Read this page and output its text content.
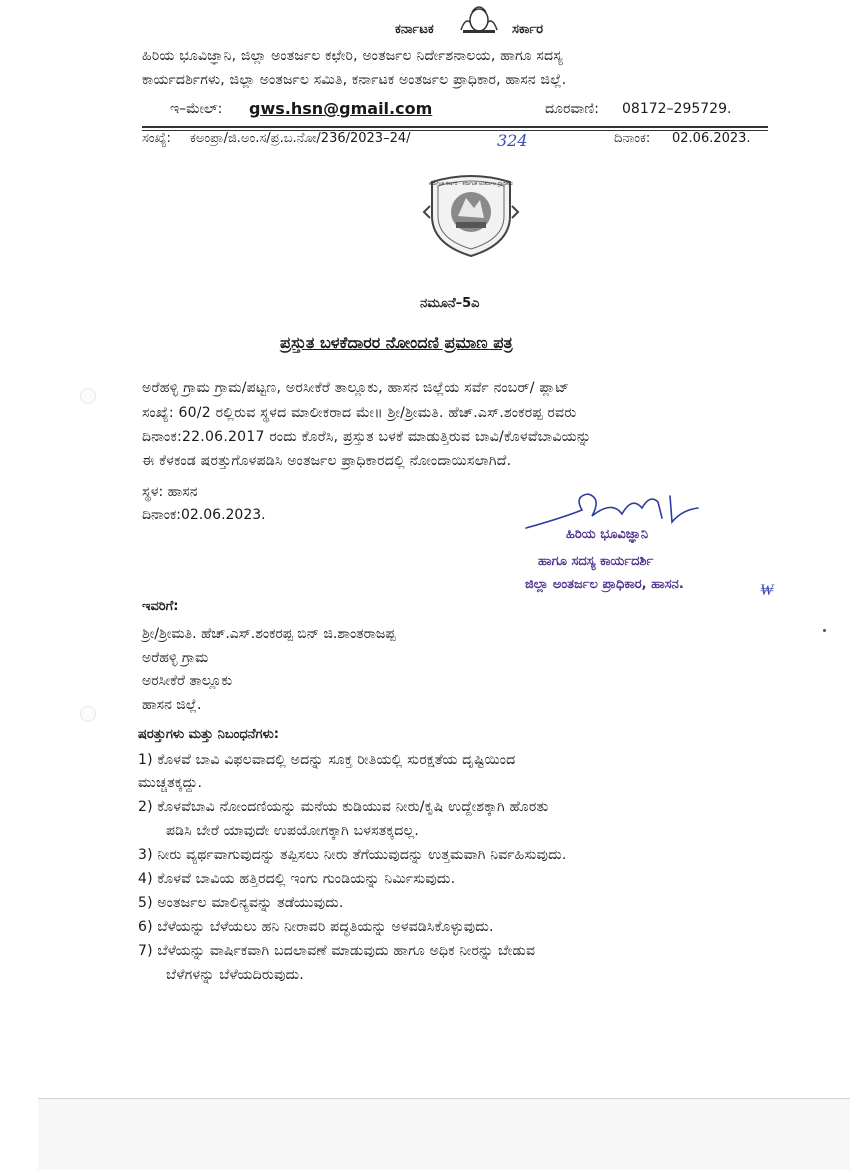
ಕರ್ನಾಟಕ	ಸರ್ಕಾರ
ಹಿರಿಯ ಭೂವಿಜ್ಞಾನಿ, ಜಿಲ್ಲಾ ಅಂತರ್ಜಲ ಕಛೇರಿ, ಅಂತರ್ಜಲ ನಿರ್ದೇಶನಾಲಯ, ಹಾಗೂ ಸದಸ್ಯ
ಕಾರ್ಯದರ್ಶಿಗಳು, ಜಿಲ್ಲಾ ಅಂತರ್ಜಲ ಸಮಿತಿ, ಕರ್ನಾಟಕ ಅಂತರ್ಜಲ ಪ್ರಾಧಿಕಾರ, ಹಾಸನ ಜಿಲ್ಲೆ.
ಇ–ಮೇಲ್: gws.hsn@gmail.com	ದೂರವಾಣಿ: 08172–295729.
ಸಂಖ್ಯೆ: ಕಅಂಪ್ರಾ/ಜಿ.ಅಂ.ಸ/ಪ್ರ.ಬ.ನೋ/236/2023–24/	324	ದಿನಾಂಕ: 02.06.2023.
ಕರ್ನಾಟಕ ಸರ್ಕಾರ · ಕರ್ನಾಟಕ ಅಂತರ್ಜಲ ಪ್ರಾಧಿಕಾರ
ನಮೂನೆ–5ಎ
ಪ್ರಸ್ತುತ ಬಳಕೆದಾರರ ನೋಂದಣಿ ಪ್ರಮಾಣ ಪತ್ರ
ಅರೆಹಳ್ಳಿ ಗ್ರಾಮ ಗ್ರಾಮ/ಪಟ್ಟಣ, ಅರಸೀಕೆರೆ ತಾಲ್ಲೂಕು, ಹಾಸನ ಜಿಲ್ಲೆಯ ಸರ್ವೆ ನಂಬರ್/ ಪ್ಲಾಟ್
ಸಂಖ್ಯೆ: 60/2 ರಲ್ಲಿರುವ ಸ್ಥಳದ ಮಾಲೀಕರಾದ ಮೇ॥ ಶ್ರೀ/ಶ್ರೀಮತಿ. ಹೆಚ್.ಎಸ್.ಶಂಕರಪ್ಪ ರವರು
ದಿನಾಂಕ:22.06.2017 ರಂದು ಕೊರೆಸಿ, ಪ್ರಸ್ತುತ ಬಳಕೆ ಮಾಡುತ್ತಿರುವ ಬಾವಿ/ಕೊಳವೆಬಾವಿಯನ್ನು
ಈ ಕೆಳಕಂಡ ಷರತ್ತುಗೊಳಪಡಿಸಿ ಅಂತರ್ಜಲ ಪ್ರಾಧಿಕಾರದಲ್ಲಿ ನೋಂದಾಯಿಸಲಾಗಿದೆ.
ಸ್ಥಳ: ಹಾಸನ
ದಿನಾಂಕ:02.06.2023.
ಹಿರಿಯ ಭೂವಿಜ್ಞಾನಿ
ಹಾಗೂ ಸದಸ್ಯ ಕಾರ್ಯದರ್ಶಿ
ಜಿಲ್ಲಾ ಅಂತರ್ಜಲ ಪ್ರಾಧಿಕಾರ, ಹಾಸನ.	₩
ಇವರಿಗೆ:
ಶ್ರೀ/ಶ್ರೀಮತಿ. ಹೆಚ್.ಎಸ್.ಶಂಕರಪ್ಪ ಬಿನ್ ಜಿ.ಶಾಂತರಾಜಪ್ಪ
ಅರೆಹಳ್ಳಿ ಗ್ರಾಮ
ಅರಸೀಕೆರೆ ತಾಲ್ಲೂಕು
ಹಾಸನ ಜಿಲ್ಲೆ.
ಷರತ್ತುಗಳು ಮತ್ತು ನಿಬಂಧನೆಗಳು:
1) ಕೊಳವೆ ಬಾವಿ ವಿಫಲವಾದಲ್ಲಿ ಅದನ್ನು ಸೂಕ್ತ ರೀತಿಯಲ್ಲಿ ಸುರಕ್ಷತೆಯ ದೃಷ್ಟಿಯಿಂದ
ಮುಚ್ಚತಕ್ಕದ್ದು.
2) ಕೊಳವೆಬಾವಿ ನೋಂದಣಿಯನ್ನು ಮನೆಯ ಕುಡಿಯುವ ನೀರು/ಕೃಷಿ ಉದ್ದೇಶಕ್ಕಾಗಿ ಹೊರತು
ಪಡಿಸಿ ಬೇರೆ ಯಾವುದೇ ಉಪಯೋಗಕ್ಕಾಗಿ ಬಳಸತಕ್ಕದಲ್ಲ.
3) ನೀರು ವ್ಯರ್ಥವಾಗುವುದನ್ನು ತಪ್ಪಿಸಲು ನೀರು ತೆಗೆಯುವುದನ್ನು ಉತ್ತಮವಾಗಿ ನಿರ್ವಹಿಸುವುದು.
4) ಕೊಳವೆ ಬಾವಿಯ ಹತ್ತಿರದಲ್ಲಿ ಇಂಗು ಗುಂಡಿಯನ್ನು ನಿರ್ಮಿಸುವುದು.
5) ಅಂತರ್ಜಲ ಮಾಲಿನ್ಯವನ್ನು ತಡೆಯುವುದು.
6) ಬೆಳೆಯನ್ನು ಬೆಳೆಯಲು ಹನಿ ನೀರಾವರಿ ಪದ್ಧತಿಯನ್ನು ಅಳವಡಿಸಿಕೊಳ್ಳುವುದು.
7) ಬೆಳೆಯನ್ನು ವಾರ್ಷಿಕವಾಗಿ ಬದಲಾವಣೆ ಮಾಡುವುದು ಹಾಗೂ ಅಧಿಕ ನೀರನ್ನು ಬೇಡುವ
ಬೆಳೆಗಳನ್ನು ಬೆಳೆಯದಿರುವುದು.
